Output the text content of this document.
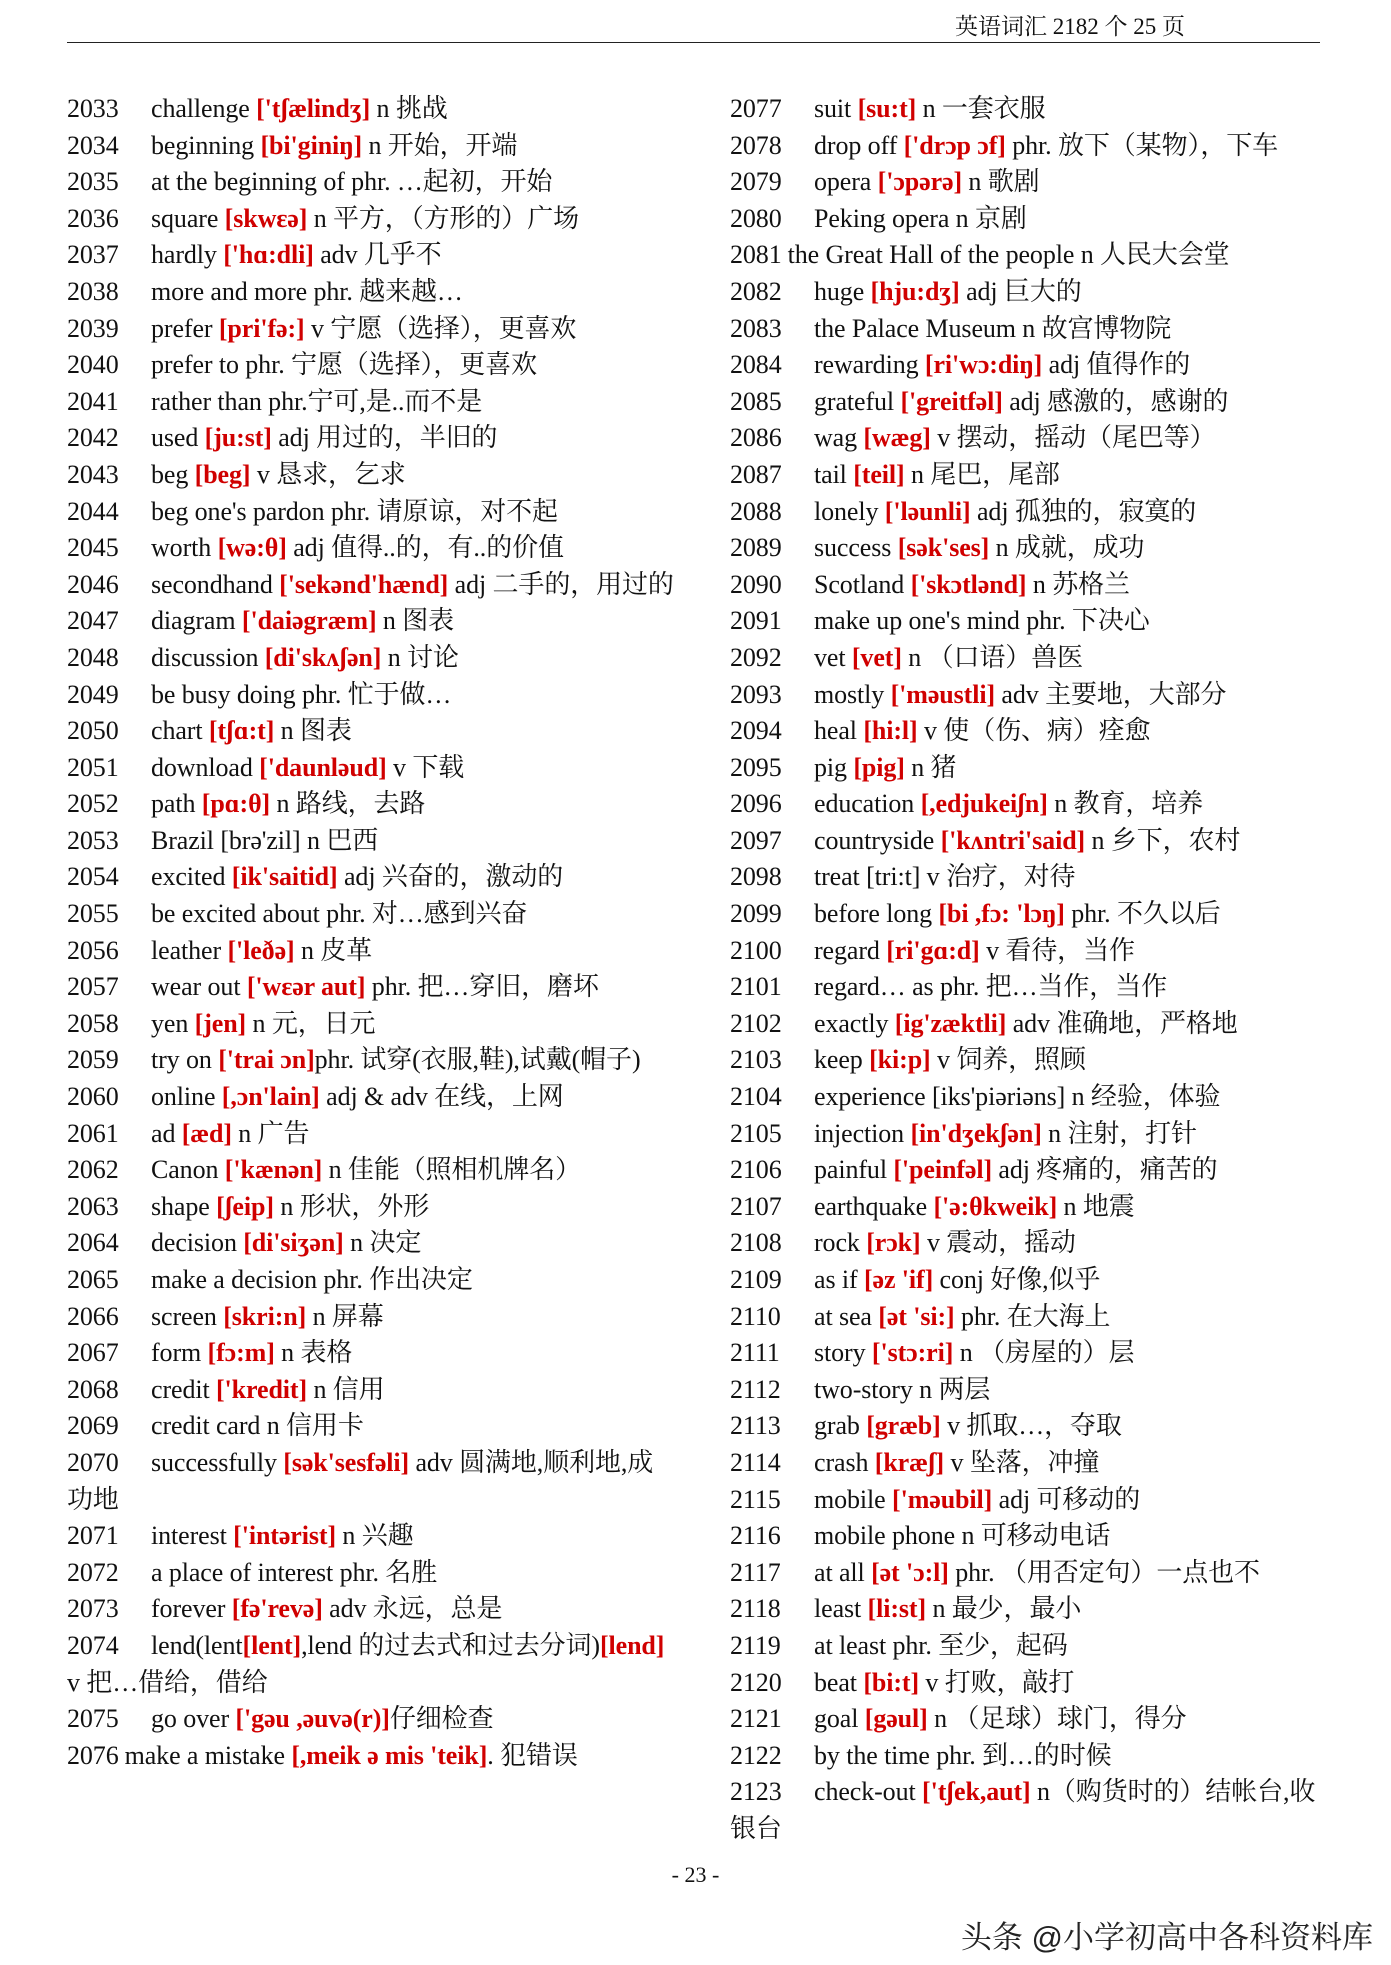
英语词汇 2182 个 25 页
2033 challenge ['tʃælindʒ] n 挑战
2034 beginning [bi'giniŋ] n 开始，开端
2035 at the beginning of phr. …起初，开始
2036 square [skwɛə] n 平方，（方形的）广场
2037 hardly ['hɑ:dli] adv 几乎不
2038 more and more phr. 越来越…
2039 prefer [pri'fə:] v 宁愿（选择），更喜欢
2040 prefer to phr. 宁愿（选择），更喜欢
2041 rather than phr.宁可,是..而不是
2042 used [ju:st] adj 用过的，半旧的
2043 beg [beg] v 恳求，乞求
2044 beg one's pardon phr. 请原谅，对不起
2045 worth [wə:θ] adj 值得..的，有..的价值
2046 secondhand ['sekənd'hænd] adj 二手的，用过的
2047 diagram ['daiəgræm] n 图表
2048 discussion [di'skʌʃən] n 讨论
2049 be busy doing phr. 忙于做…
2050 chart [tʃɑ:t] n 图表
2051 download ['daunləud] v 下载
2052 path [pɑ:θ] n 路线，去路
2053 Brazil [brə'zil] n 巴西
2054 excited [ik'saitid] adj 兴奋的，激动的
2055 be excited about phr. 对…感到兴奋
2056 leather ['leðə] n 皮革
2057 wear out ['wɛər aut] phr. 把…穿旧，磨坏
2058 yen [jen] n 元，日元
2059 try on ['trai ɔn]phr. 试穿(衣服,鞋),试戴(帽子)
2060 online [,ɔn'lain] adj & adv 在线，上网
2061 ad [æd] n 广告
2062 Canon ['kænən] n 佳能（照相机牌名）
2063 shape [ʃeip] n 形状，外形
2064 decision [di'siʒən] n 决定
2065 make a decision phr. 作出决定
2066 screen [skri:n] n 屏幕
2067 form [fɔ:m] n 表格
2068 credit ['kredit] n 信用
2069 credit card n 信用卡
2070 successfully [sək'sesfəli] adv 圆满地,顺利地,成功地
2071 interest ['intərist] n 兴趣
2072 a place of interest phr. 名胜
2073 forever [fə'revə] adv 永远，总是
2074 lend(lent[lent],lend 的过去式和过去分词)[lend] v 把…借给，借给
2075 go over ['gəu ,əuvə(r)]仔细检查
2076 make a mistake [,meik ə mis 'teik]. 犯错误
2077 suit [su:t] n 一套衣服
2078 drop off ['drɔp ɔf] phr. 放下（某物），下车
2079 opera ['ɔpərə] n 歌剧
2080 Peking opera n 京剧
2081 the Great Hall of the people n 人民大会堂
2082 huge [hju:dʒ] adj 巨大的
2083 the Palace Museum n 故宫博物院
2084 rewarding [ri'wɔ:diŋ] adj 值得作的
2085 grateful ['greitfəl] adj 感激的，感谢的
2086 wag [wæg] v 摆动，摇动（尾巴等）
2087 tail [teil] n 尾巴，尾部
2088 lonely ['ləunli] adj 孤独的，寂寞的
2089 success [sək'ses] n 成就，成功
2090 Scotland ['skɔtlənd] n 苏格兰
2091 make up one's mind phr. 下决心
2092 vet [vet] n （口语）兽医
2093 mostly ['məustli] adv 主要地，大部分
2094 heal [hi:l] v 使（伤、病）痊愈
2095 pig [pig] n 猪
2096 education [,edjukeiʃn] n 教育，培养
2097 countryside ['kʌntri'said] n 乡下，农村
2098 treat [tri:t] v 治疗，对待
2099 before long [bi ,fɔ: 'lɔŋ] phr. 不久以后
2100 regard [ri'gɑ:d] v 看待，当作
2101 regard… as phr. 把…当作，当作
2102 exactly [ig'zæktli] adv 准确地，严格地
2103 keep [ki:p] v 饲养，照顾
2104 experience [iks'piəriəns] n 经验，体验
2105 injection [in'dʒekʃən] n 注射，打针
2106 painful ['peinfəl] adj 疼痛的，痛苦的
2107 earthquake ['ə:θkweik] n 地震
2108 rock [rɔk] v 震动，摇动
2109 as if [əz 'if] conj 好像,似乎
2110 at sea [ət 'si:] phr. 在大海上
2111 story ['stɔ:ri] n （房屋的）层
2112 two-story n 两层
2113 grab [græb] v 抓取…，夺取
2114 crash [kræʃ] v 坠落，冲撞
2115 mobile ['məubil] adj 可移动的
2116 mobile phone n 可移动电话
2117 at all [ət 'ɔ:l] phr. （用否定句）一点也不
2118 least [li:st] n 最少，最小
2119 at least phr. 至少，起码
2120 beat [bi:t] v 打败，敲打
2121 goal [gəul] n （足球）球门，得分
2122 by the time phr. 到…的时候
2123 check-out ['tʃek,aut] n（购货时的）结帐台,收银台
- 23 -
头条 @小学初高中各科资料库
